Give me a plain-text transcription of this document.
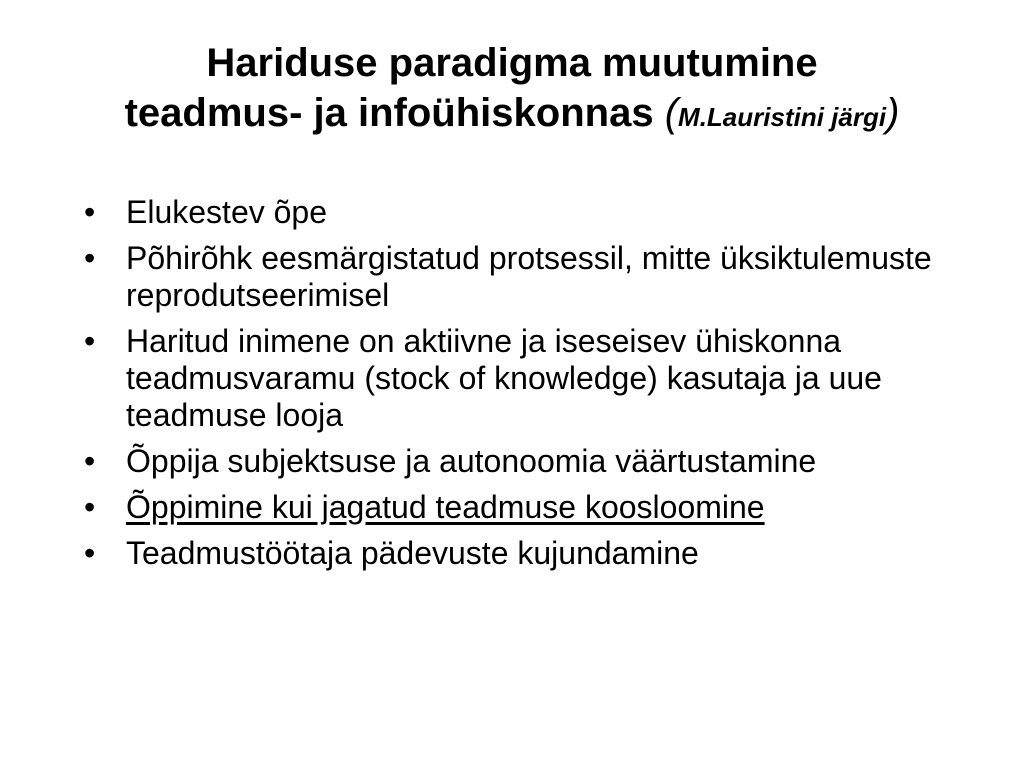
Hariduse paradigma muutumine
teadmus- ja infoühiskonnas (M.Lauristini järgi)
• Elukestev õpe
• Põhirõhk eesmärgistatud protsessil, mitte üksiktulemuste reprodutseerimisel
• Haritud inimene on aktiivne ja iseseisev ühiskonna teadmusvaramu (stock of knowledge) kasutaja ja uue teadmuse looja
• Õppija subjektsuse ja autonoomia väärtustamine
• Õppimine kui jagatud teadmuse koosloomine
• Teadmustöötaja pädevuste kujundamine
